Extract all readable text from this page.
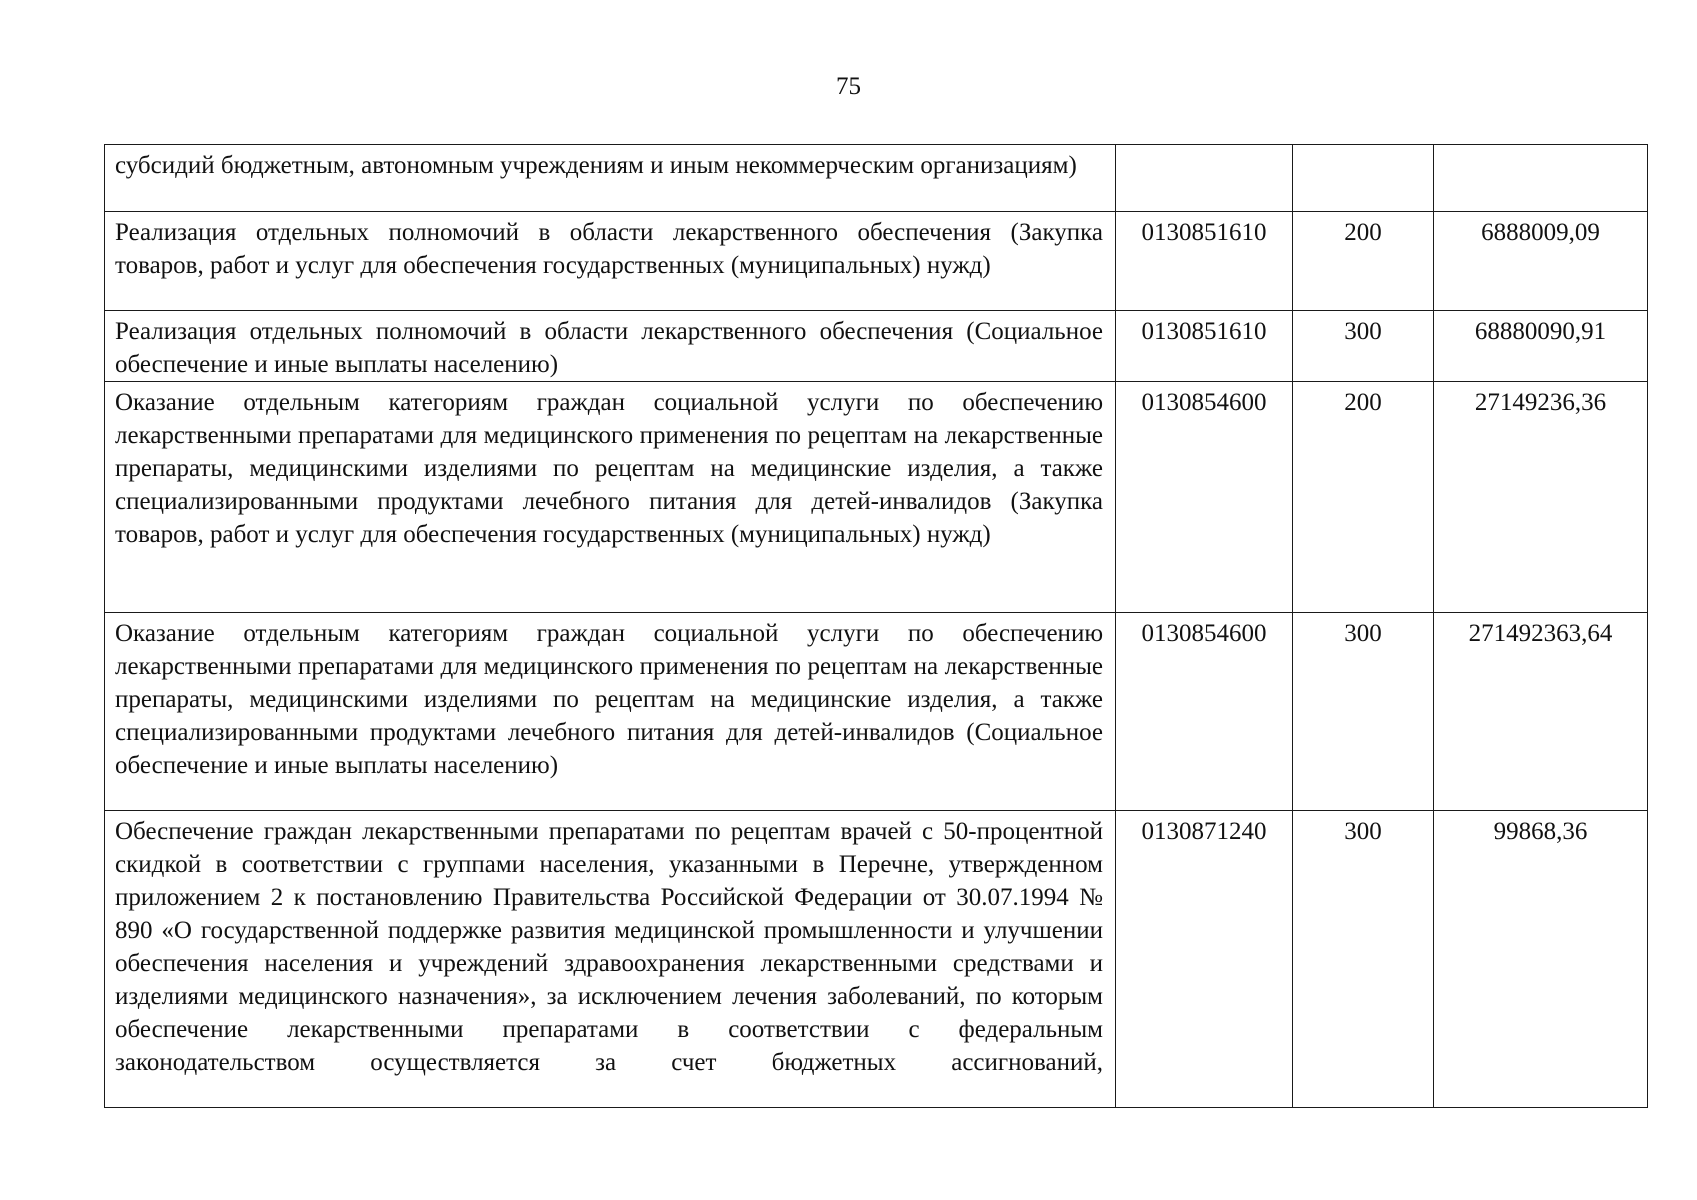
75
субсидий бюджетным, автономным учреждениям и иным некоммерческим организациям)			
Реализация отдельных полномочий в области лекарственного обеспечения (Закупка товаров, работ и услуг для обеспечения государственных (муниципальных) нужд)	0130851610	200	6888009,09
Реализация отдельных полномочий в области лекарственного обеспечения (Социальное обеспечение и иные выплаты населению)	0130851610	300	68880090,91
Оказание отдельным категориям граждан социальной услуги по обеспечению лекарственными препаратами для медицинского применения по рецептам на лекарственные препараты, медицинскими изделиями по рецептам на медицинские изделия, а также специализированными продуктами лечебного питания для детей-инвалидов (Закупка товаров, работ и услуг для обеспечения государственных (муниципальных) нужд)	0130854600	200	27149236,36
Оказание отдельным категориям граждан социальной услуги по обеспечению лекарственными препаратами для медицинского применения по рецептам на лекарственные препараты, медицинскими изделиями по рецептам на медицинские изделия, а также специализированными продуктами лечебного питания для детей-инвалидов (Социальное обеспечение и иные выплаты населению)	0130854600	300	271492363,64
Обеспечение граждан лекарственными препаратами по рецептам врачей с 50-процентной скидкой в соответствии с группами населения, указанными в Перечне, утвержденном приложением 2 к постановлению Правительства Российской Федерации от 30.07.1994 № 890 «О государственной поддержке развития медицинской промышленности и улучшении обеспечения населения и учреждений здравоохранения лекарственными средствами и изделиями медицинского назначения», за исключением лечения заболеваний, по которым обеспечение лекарственными препаратами в соответствии с федеральным законодательством осуществляется за счет бюджетных ассигнований,	0130871240	300	99868,36
